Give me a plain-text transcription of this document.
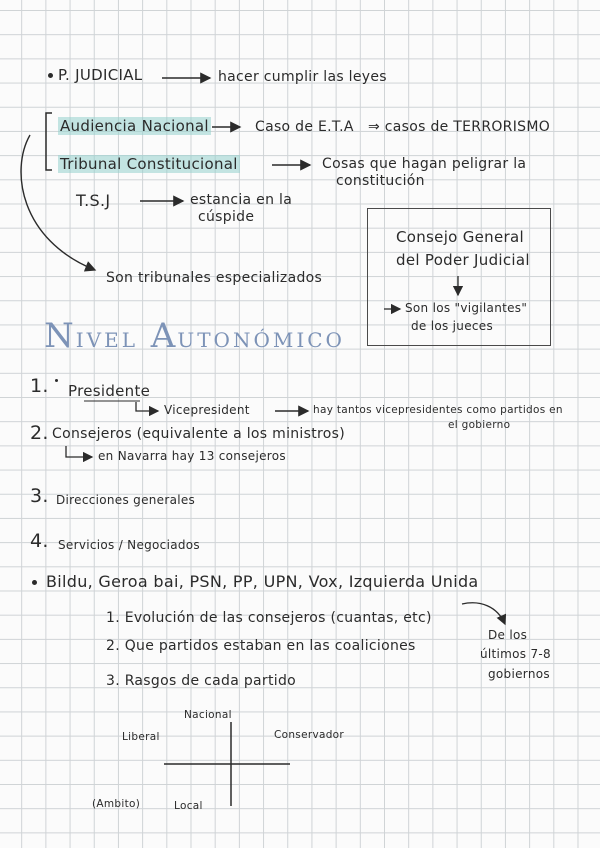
P. JUDICIAL	hacer cumplir las leyes
Audiencia Nacional	Caso de E.T.A ⇒ casos de TERRORISMO
Tribunal Constitucional	Cosas que hagan peligrar la
constitución
T.S.J	estancia en la
cúspide
Son tribunales especializados
Consejo General
del Poder Judicial
Son los "vigilantes"
de los jueces
NIVEL AUTONÓMICO
1. Presidente
Vicepresident	hay tantos vicepresidentes como partidos en
el gobierno
2. Consejeros (equivalente a los ministros)
en Navarra hay 13 consejeros
3. Direcciones generales
4. Servicios / Negociados
Bildu, Geroa bai, PSN, PP, UPN, Vox, Izquierda Unida
1. Evolución de las consejeros (cuantas, etc)
2. Que partidos estaban en las coaliciones
3. Rasgos de cada partido
De los
últimos 7-8
gobiernos
Nacional
Liberal	Conservador
(Ambito)	Local
